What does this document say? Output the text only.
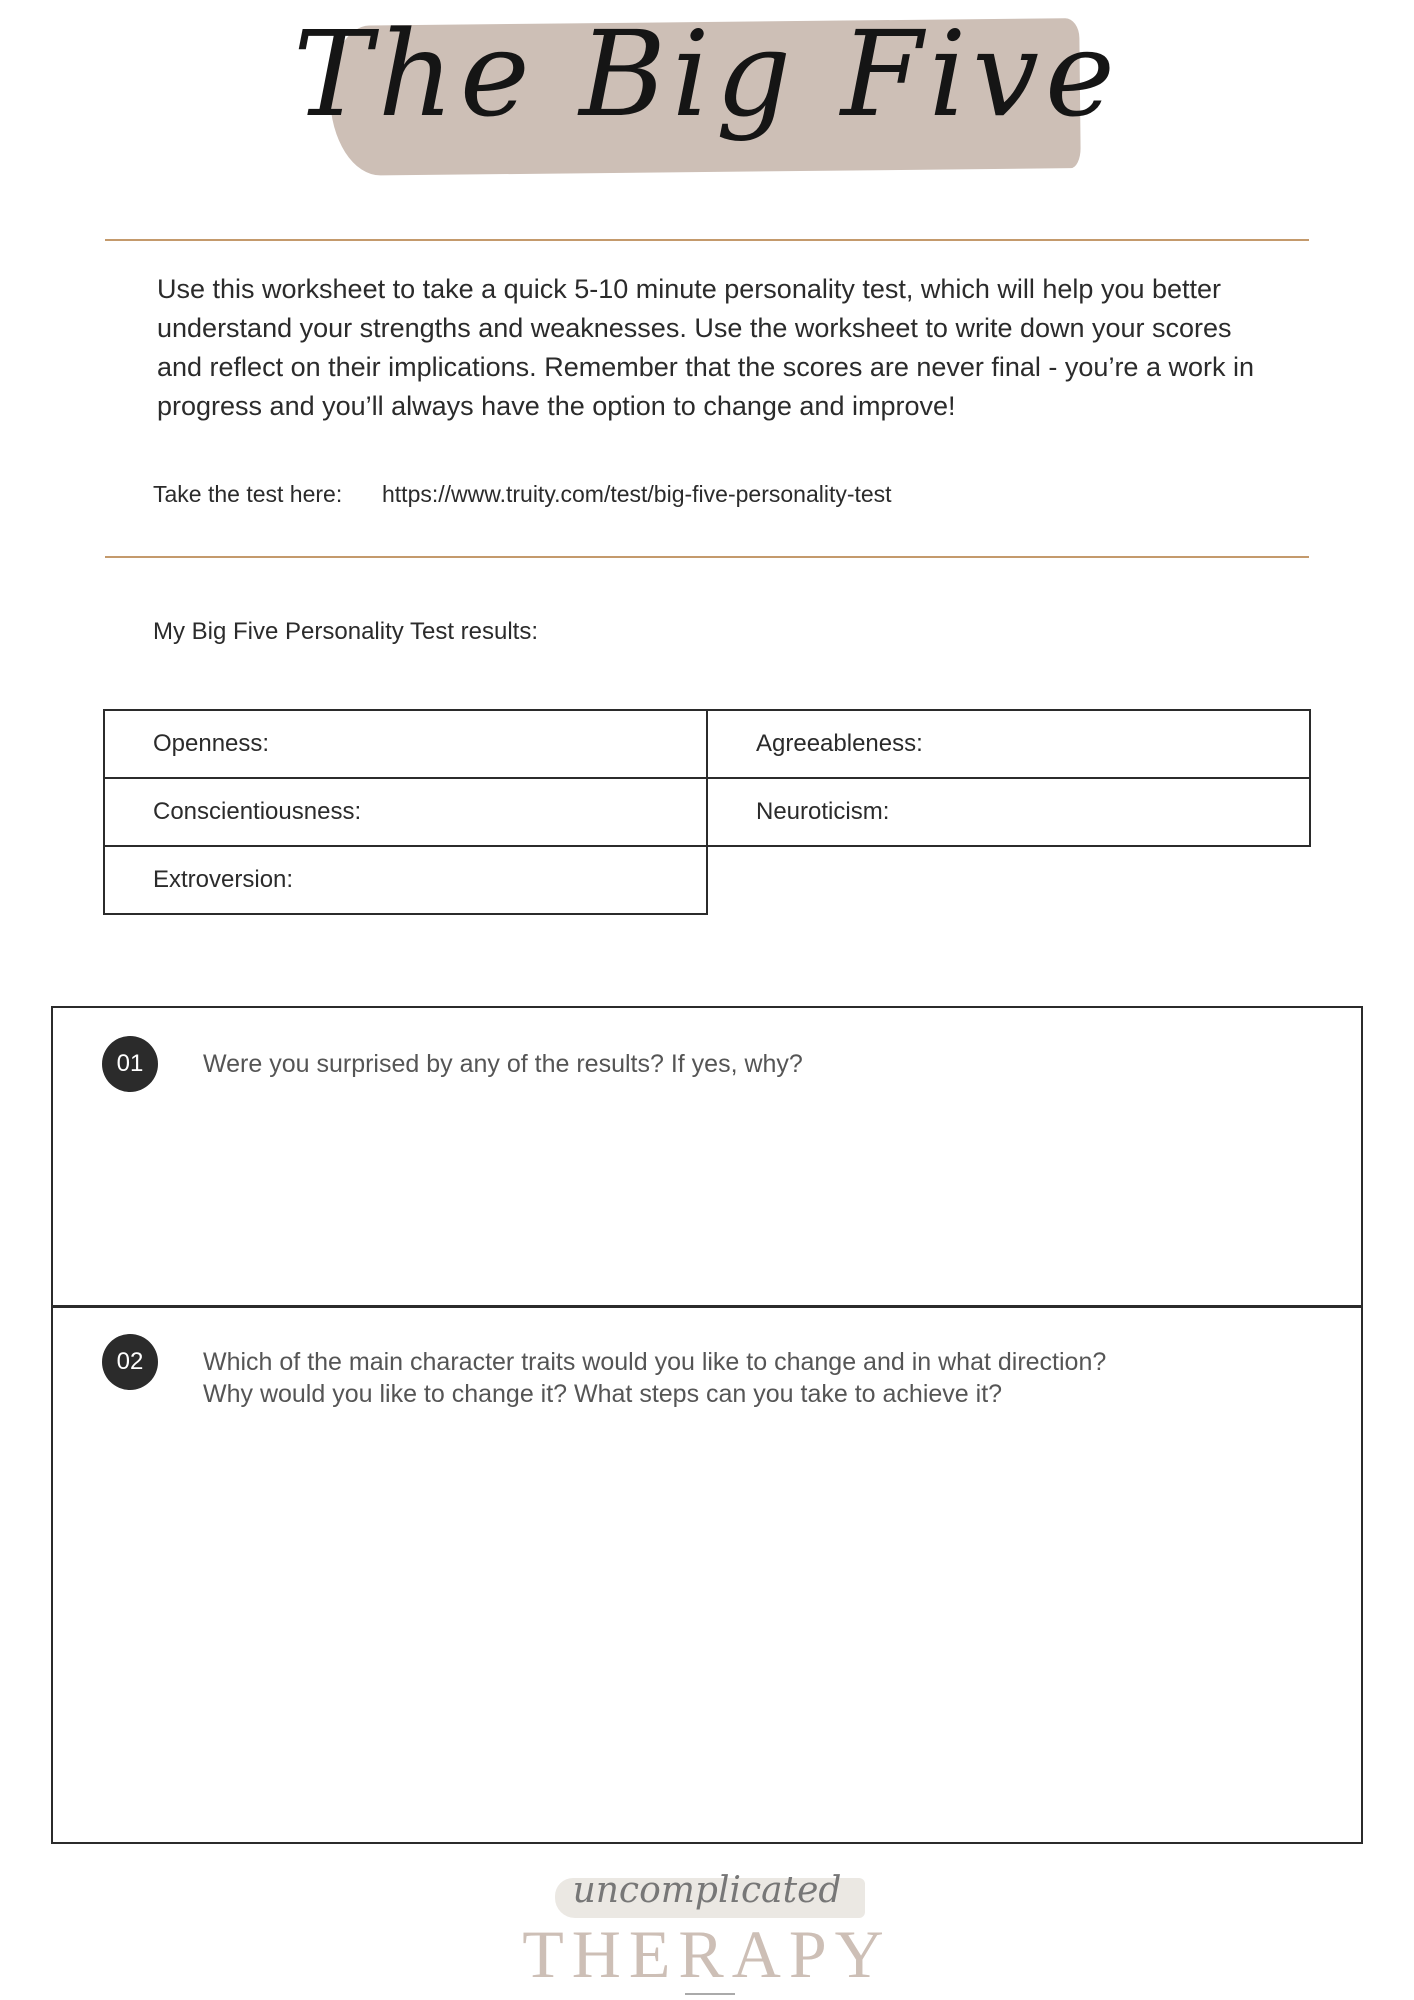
The Big Five

Use this worksheet to take a quick 5-10 minute personality test, which will help you better understand your strengths and weaknesses. Use the worksheet to write down your scores and reflect on their implications. Remember that the scores are never final - you’re a work in progress and you’ll always have the option to change and improve!

Take the test here: https://www.truity.com/test/big-five-personality-test
My Big Five Personality Test results:
Openness:	Agreeableness:
Conscientiousness:	Neuroticism:
Extroversion:	
01	Were you surprised by any of the results? If yes, why?
02	Which of the main character traits would you like to change and in what direction?
Why would you like to change it? What steps can you take to achieve it?
uncomplicated
THERAPY
